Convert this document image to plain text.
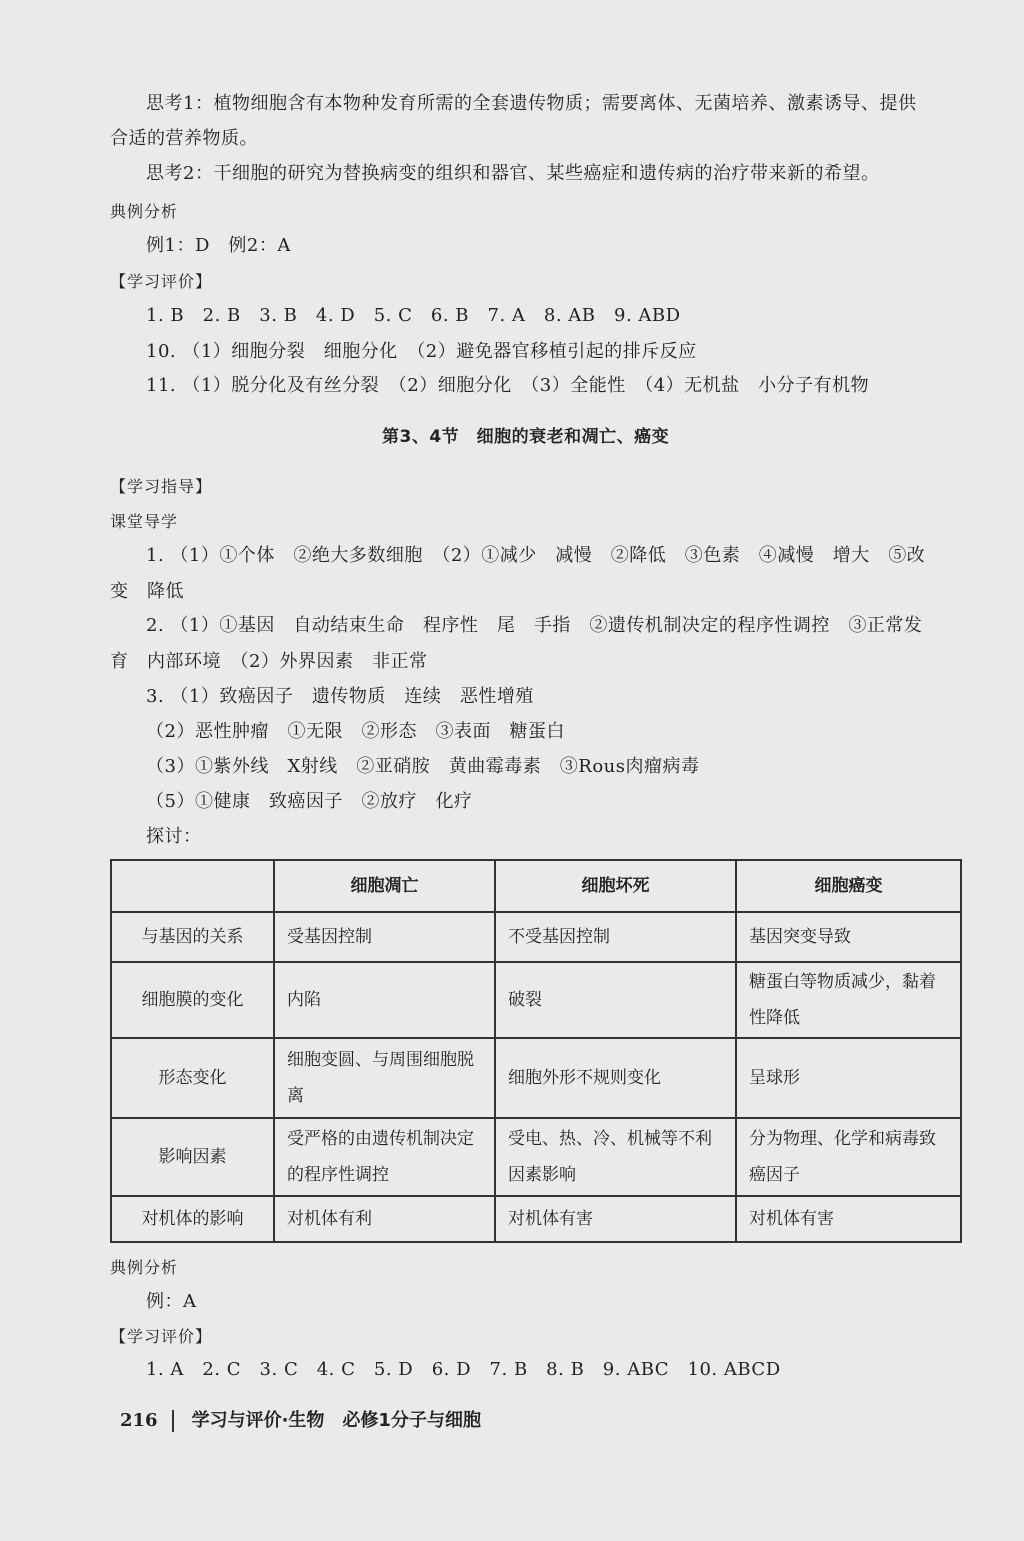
思考1：植物细胞含有本物种发育所需的全套遗传物质；需要离体、无菌培养、激素诱导、提供
合适的营养物质。
思考2：干细胞的研究为替换病变的组织和器官、某些癌症和遗传病的治疗带来新的希望。
典例分析
例1：D　例2：A
【学习评价】
1. B　2. B　3. B　4. D　5. C　6. B　7. A　8. AB　9. ABD
10. （1）细胞分裂　细胞分化　（2）避免器官移植引起的排斥反应
11. （1）脱分化及有丝分裂　（2）细胞分化　（3）全能性　（4）无机盐　小分子有机物
第3、4节　细胞的衰老和凋亡、癌变
【学习指导】
课堂导学
1. （1）①个体　②绝大多数细胞　（2）①减少　减慢　②降低　③色素　④减慢　增大　⑤改
变　降低
2. （1）①基因　自动结束生命　程序性　尾　手指　②遗传机制决定的程序性调控　③正常发
育　内部环境　（2）外界因素　非正常
3. （1）致癌因子　遗传物质　连续　恶性增殖
（2）恶性肿瘤　①无限　②形态　③表面　糖蛋白
（3）①紫外线　X射线　②亚硝胺　黄曲霉毒素　③Rous肉瘤病毒
（5）①健康　致癌因子　②放疗　化疗
探讨：
	细胞凋亡	细胞坏死	细胞癌变
与基因的关系	受基因控制	不受基因控制	基因突变导致
细胞膜的变化	内陷	破裂	糖蛋白等物质减少，黏着性降低
形态变化	细胞变圆、与周围细胞脱离	细胞外形不规则变化	呈球形
影响因素	受严格的由遗传机制决定的程序性调控	受电、热、冷、机械等不利因素影响	分为物理、化学和病毒致癌因子
对机体的影响	对机体有利	对机体有害	对机体有害
典例分析
例：A
【学习评价】
1. A　2. C　3. C　4. C　5. D　6. D　7. B　8. B　9. ABC　10. ABCD
216 学习与评价·生物　必修1分子与细胞
